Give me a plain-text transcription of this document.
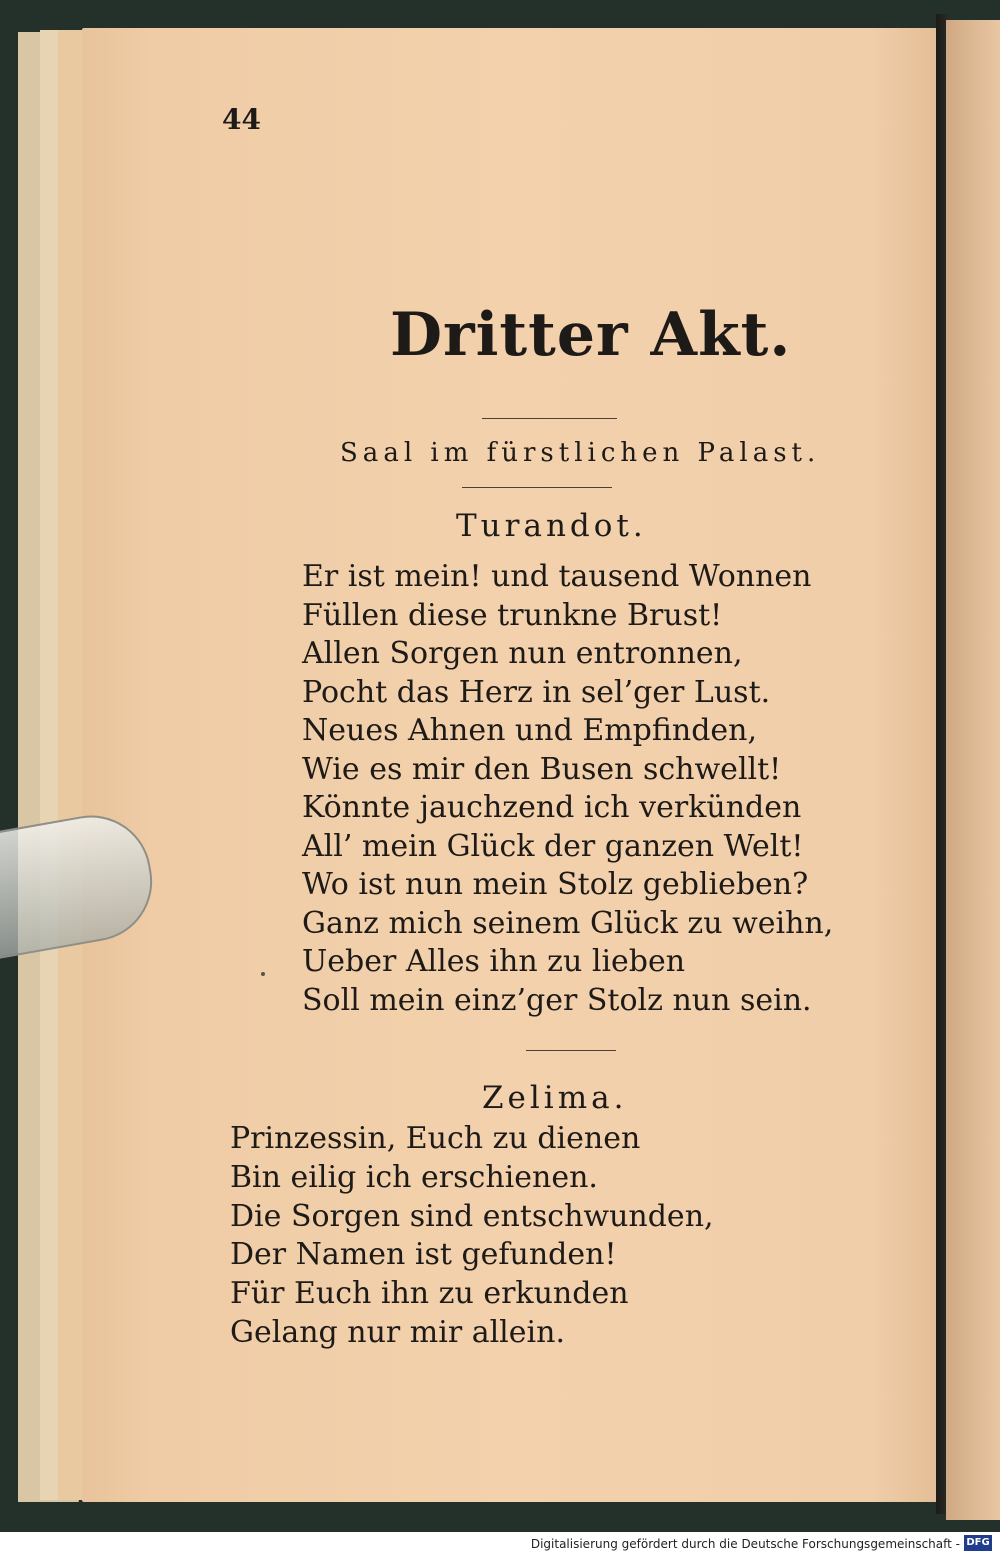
44
Dritter Akt.
Saal im fürstlichen Palast.
Turandot.
Er ist mein! und tausend Wonnen
Füllen diese trunkne Brust!
Allen Sorgen nun entronnen,
Pocht das Herz in sel’ger Lust.
Neues Ahnen und Empfinden,
Wie es mir den Busen schwellt!
Könnte jauchzend ich verkünden
All’ mein Glück der ganzen Welt!
Wo ist nun mein Stolz geblieben?
Ganz mich seinem Glück zu weihn,
Ueber Alles ihn zu lieben
Soll mein einz’ger Stolz nun sein.
Zelima.
Prinzessin, Euch zu dienen
Bin eilig ich erschienen.
Die Sorgen sind entschwunden,
Der Namen ist gefunden!
Für Euch ihn zu erkunden
Gelang nur mir allein.
Digitalisierung gefördert durch die Deutsche Forschungsgemeinschaft - DFG
